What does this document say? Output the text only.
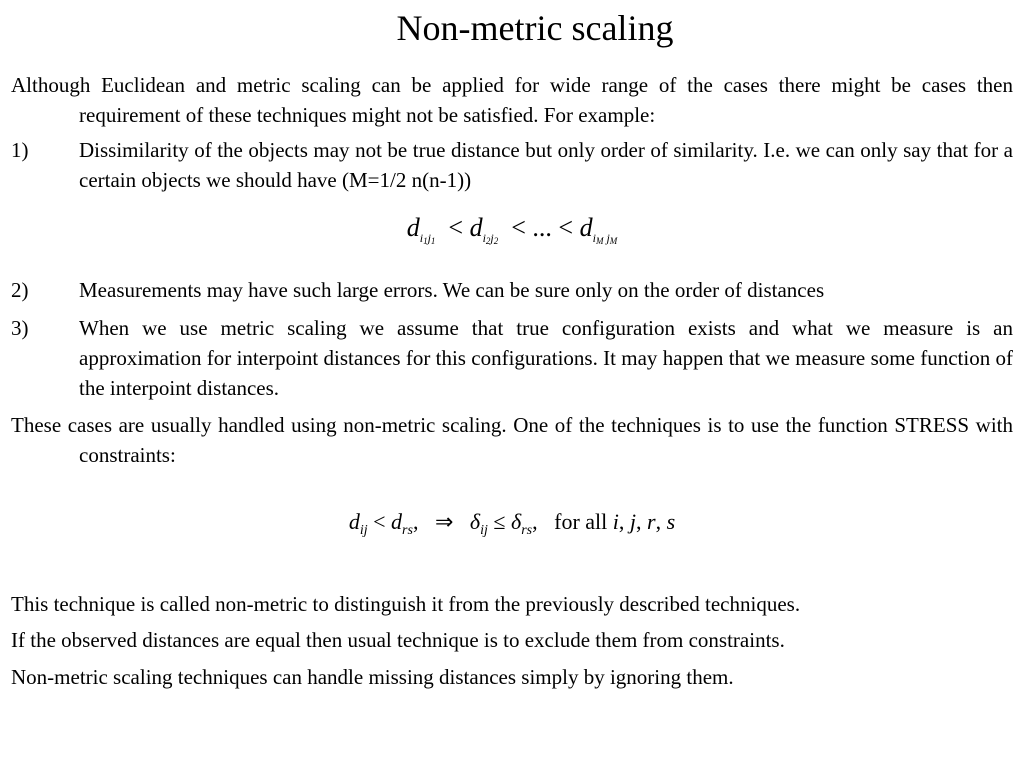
Non-metric scaling
Although Euclidean and metric scaling can be applied for wide range of the cases there might be cases then requirement of these techniques might not be satisfied. For example:
1) Dissimilarity of the objects may not be true distance but only order of similarity. I.e. we can only say that for a certain objects we should have (M=1/2 n(n-1))
$d_{i_1j_1} < d_{i_2j_2}$  < ... < $d_{i_M j_M}$
2) Measurements may have such large errors. We can be sure only on the order of distances
3) When we use metric scaling we assume that true configuration exists and what we measure is an approximation for interpoint distances for this configurations. It may happen that we measure some function of the interpoint distances.
These cases are usually handled using non-metric scaling. One of the techniques is to use the function STRESS with constraints:
$d_{ij} < d_{rs}$,   ⇒   $\delta_{ij} \le \delta_{rs}$,   for all i, j, r, s
This technique is called non-metric to distinguish it from the previously described techniques.
If the observed distances are equal then usual technique is to exclude them from constraints.
Non-metric scaling techniques can handle missing distances simply by ignoring them.
